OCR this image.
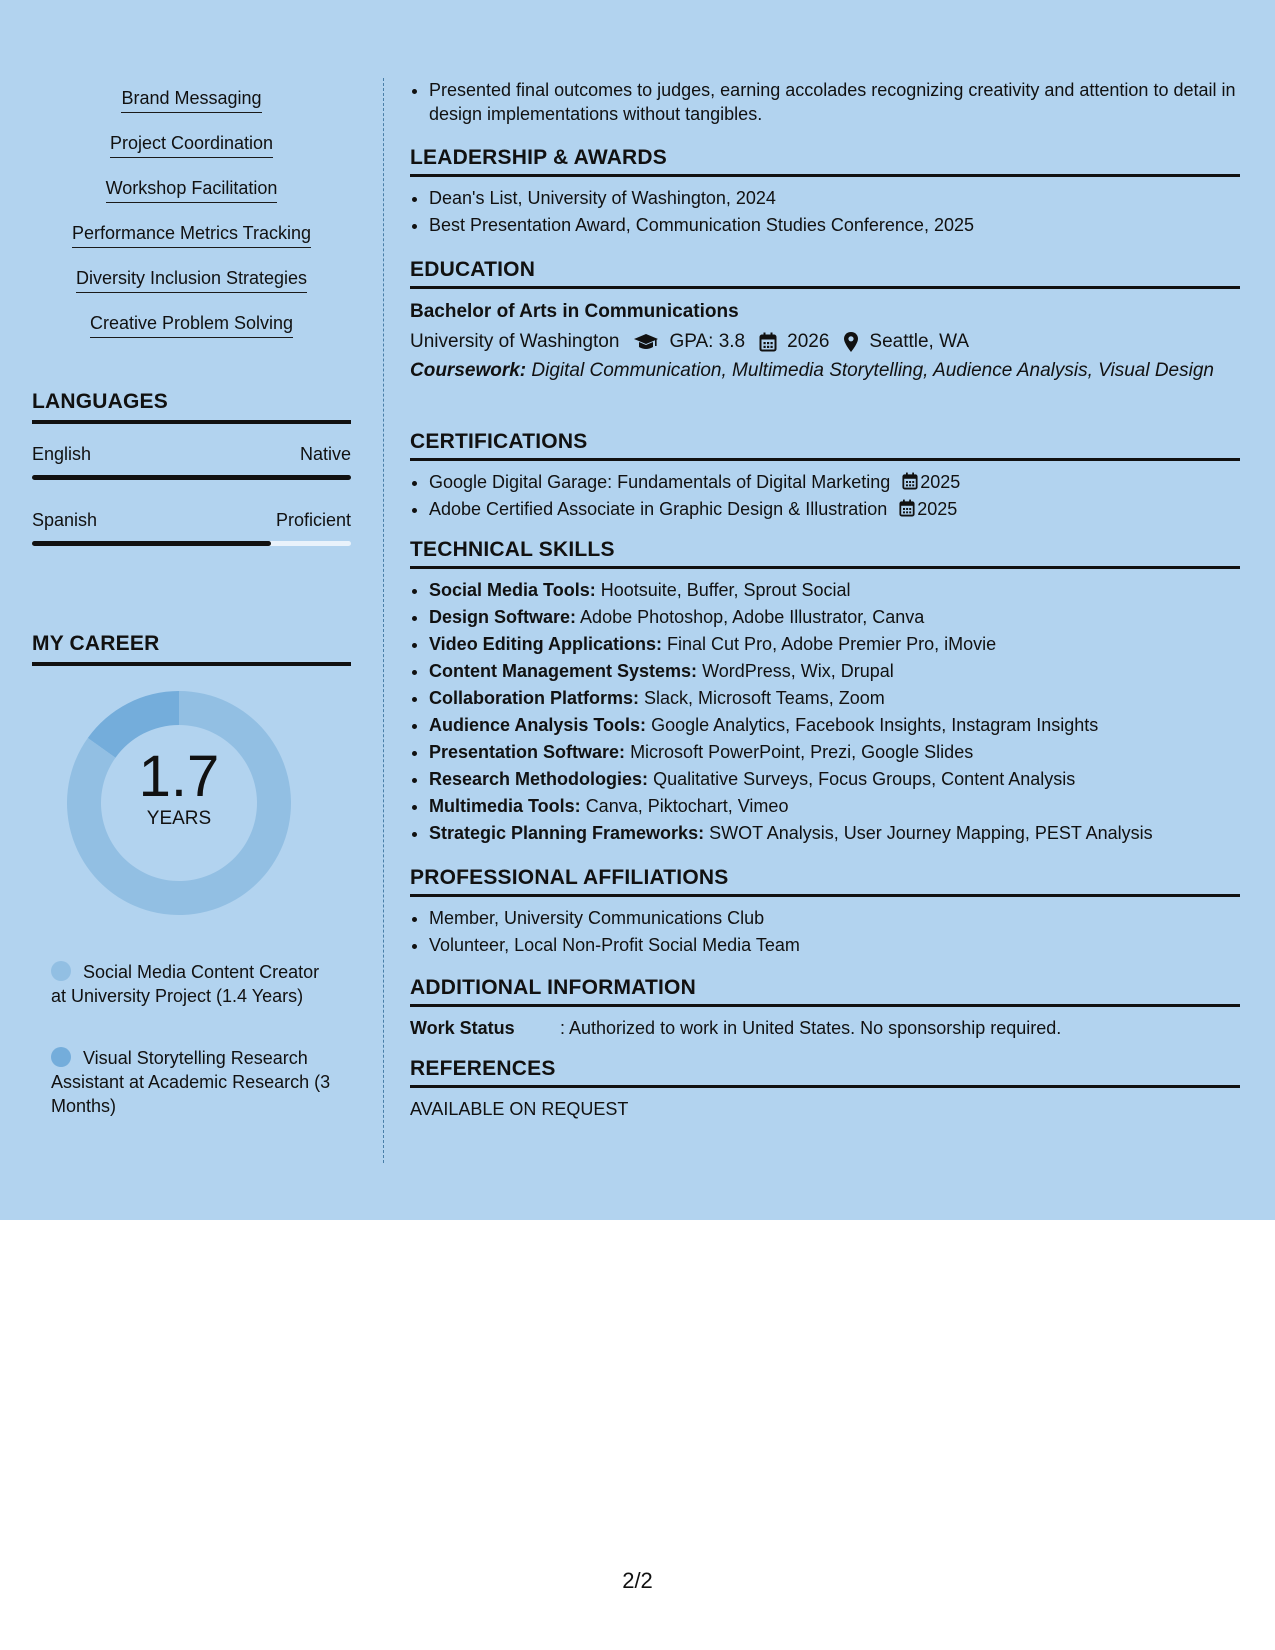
Brand Messaging
Project Coordination
Workshop Facilitation
Performance Metrics Tracking
Diversity Inclusion Strategies
Creative Problem Solving
LANGUAGES
English	Native
Spanish	Proficient
MY CAREER
1.7
YEARS
Social Media Content Creator at University Project (1.4 Years)
Visual Storytelling Research Assistant at Academic Research (3 Months)
• Presented final outcomes to judges, earning accolades recognizing creativity and attention to detail in design implementations without tangibles.
LEADERSHIP & AWARDS
• Dean's List, University of Washington, 2024
• Best Presentation Award, Communication Studies Conference, 2025
EDUCATION
Bachelor of Arts in Communications
University of Washington	GPA: 3.8 2026 Seattle, WA
Coursework: Digital Communication, Multimedia Storytelling, Audience Analysis, Visual Design
CERTIFICATIONS
• Google Digital Garage: Fundamentals of Digital Marketing 2025
• Adobe Certified Associate in Graphic Design & Illustration 2025
TECHNICAL SKILLS
• Social Media Tools: Hootsuite, Buffer, Sprout Social
• Design Software: Adobe Photoshop, Adobe Illustrator, Canva
• Video Editing Applications: Final Cut Pro, Adobe Premier Pro, iMovie
• Content Management Systems: WordPress, Wix, Drupal
• Collaboration Platforms: Slack, Microsoft Teams, Zoom
• Audience Analysis Tools: Google Analytics, Facebook Insights, Instagram Insights
• Presentation Software: Microsoft PowerPoint, Prezi, Google Slides
• Research Methodologies: Qualitative Surveys, Focus Groups, Content Analysis
• Multimedia Tools: Canva, Piktochart, Vimeo
• Strategic Planning Frameworks: SWOT Analysis, User Journey Mapping, PEST Analysis
PROFESSIONAL AFFILIATIONS
• Member, University Communications Club
• Volunteer, Local Non-Profit Social Media Team
ADDITIONAL INFORMATION
Work Status	: Authorized to work in United States. No sponsorship required.
REFERENCES
AVAILABLE ON REQUEST
2/2
